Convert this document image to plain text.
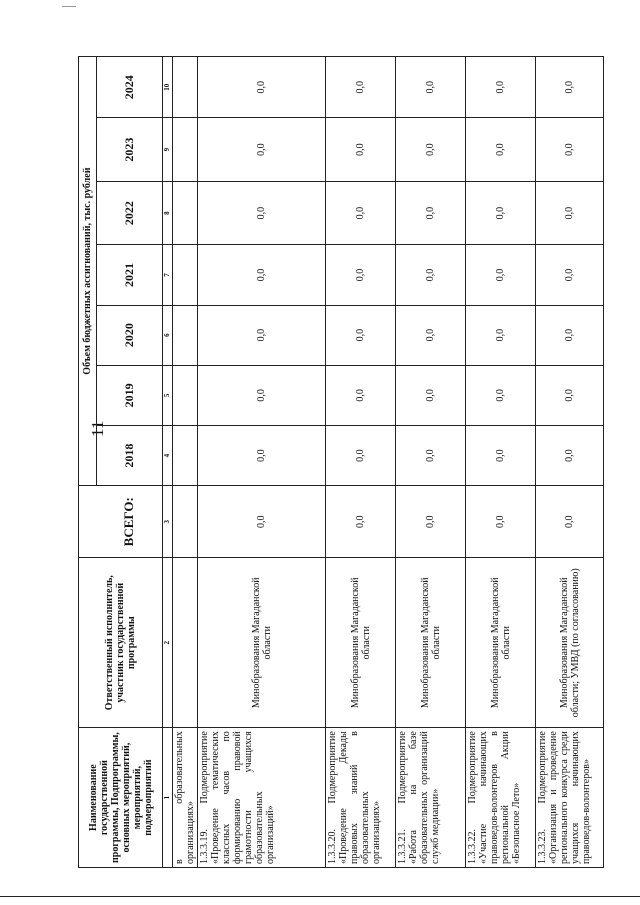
11
Наименование государственной программы, Подпрограммы, основных мероприятий, мероприятий, подмероприятий	Ответственный исполнитель, участник государственной программы		Объем бюджетных ассигнований, тыс. рублей						
		ВСЕГО:	2018	2019	2020	2021	2022	2023	2024
1	2	3	4	5	6	7	8	9	10
в образовательных организациях»									
1.3.3.19. Подмероприятие «Проведение тематических классных часов по формированию правовой грамотности учащихся образовательных организаций»	Минобразования Магаданской области	0,0	0,0	0,0	0,0	0,0	0,0	0,0	0,0
1.3.3.20. Подмероприятие «Проведение Декады правовых знаний в образовательных организациях»	Минобразования Магаданской области	0,0	0,0	0,0	0,0	0,0	0,0	0,0	0,0
1.3.3.21. Подмероприятие «Работа на базе образовательных организаций служб медиации»	Минобразования Магаданской области	0,0	0,0	0,0	0,0	0,0	0,0	0,0	0,0
1.3.3.22. Подмероприятие «Участие начинающих правоведов-волонтеров в региональной Акции «Безопасное Лето»	Минобразования Магаданской области	0,0	0,0	0,0	0,0	0,0	0,0	0,0	0,0
1.3.3.23. Подмероприятие «Организация и проведение регионального конкурса среди учащихся начинающих правоведов-волонтеров»	Минобразования Магаданской области; УМВД (по согласованию)	0,0	0,0	0,0	0,0	0,0	0,0	0,0	0,0
